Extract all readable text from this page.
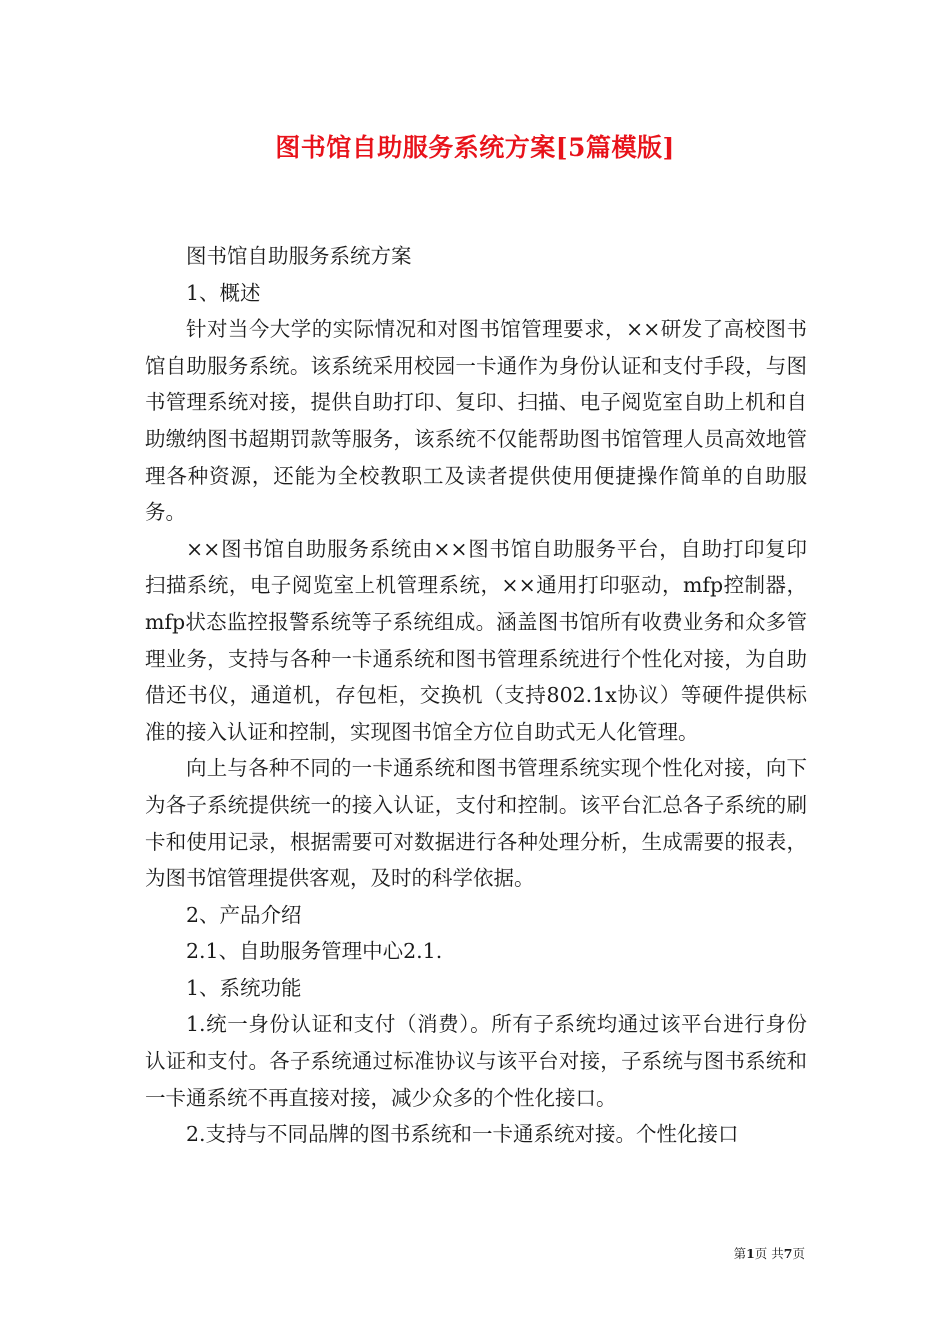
图书馆自助服务系统方案[5篇模版]

图书馆自助服务系统方案

1、概述

针对当今大学的实际情况和对图书馆管理要求，××研发了高校图书馆自助服务系统。该系统采用校园一卡通作为身份认证和支付手段，与图书管理系统对接，提供自助打印、复印、扫描、电子阅览室自助上机和自助缴纳图书超期罚款等服务，该系统不仅能帮助图书馆管理人员高效地管理各种资源，还能为全校教职工及读者提供使用便捷操作简单的自助服务。

××图书馆自助服务系统由××图书馆自助服务平台，自助打印复印扫描系统，电子阅览室上机管理系统，××通用打印驱动，mfp控制器，mfp状态监控报警系统等子系统组成。涵盖图书馆所有收费业务和众多管理业务，支持与各种一卡通系统和图书管理系统进行个性化对接，为自助借还书仪，通道机，存包柜，交换机（支持802.1x协议）等硬件提供标准的接入认证和控制，实现图书馆全方位自助式无人化管理。

向上与各种不同的一卡通系统和图书管理系统实现个性化对接，向下为各子系统提供统一的接入认证，支付和控制。该平台汇总各子系统的刷卡和使用记录，根据需要可对数据进行各种处理分析，生成需要的报表，为图书馆管理提供客观，及时的科学依据。

2、产品介绍

2.1、自助服务管理中心2.1.

1、系统功能

1.统一身份认证和支付（消费）。所有子系统均通过该平台进行身份认证和支付。各子系统通过标准协议与该平台对接，子系统与图书系统和一卡通系统不再直接对接，减少众多的个性化接口。

2.支持与不同品牌的图书系统和一卡通系统对接。个性化接口

第1页 共7页
